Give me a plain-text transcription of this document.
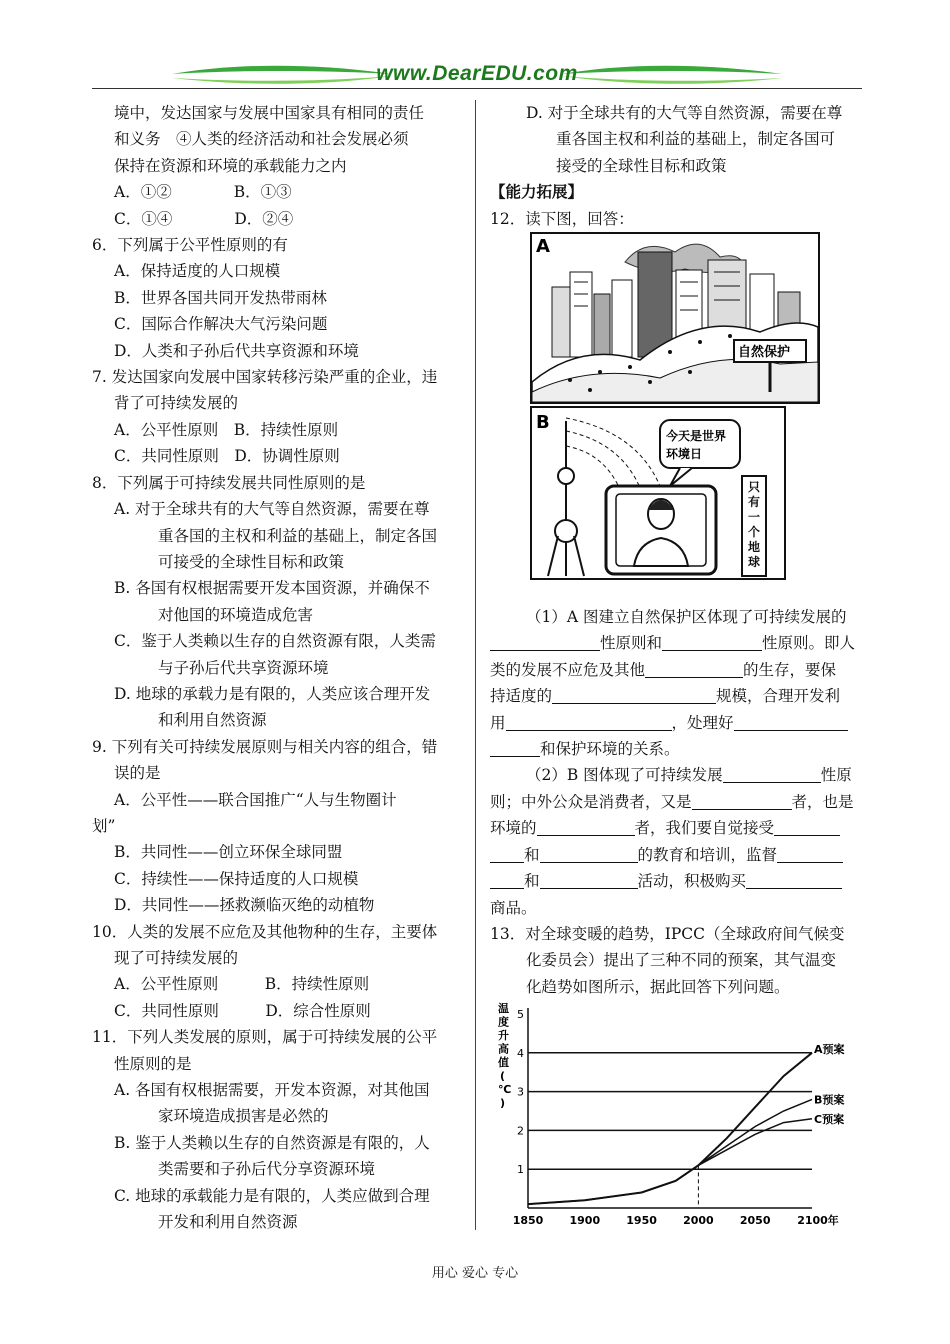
www.DearEDU.com
境中，发达国家与发展中国家具有相同的责任
和义务　④人类的经济活动和社会发展必须
保持在资源和环境的承载能力之内
A．①②　　　　B．①③
C．①④　　　　D．②④
6．下列属于公平性原则的有
A．保持适度的人口规模
B．世界各国共同开发热带雨林
C．国际合作解决大气污染问题
D．人类和子孙后代共享资源和环境
7. 发达国家向发展中国家转移污染严重的企业，违
背了可持续发展的
A．公平性原则　B．持续性原则
C．共同性原则　D．协调性原则
8．下列属于可持续发展共同性原则的是
A. 对于全球共有的大气等自然资源，需要在尊
重各国的主权和利益的基础上，制定各国
可接受的全球性目标和政策
B. 各国有权根据需要开发本国资源，并确保不
对他国的环境造成危害
C．鉴于人类赖以生存的自然资源有限，人类需
与子孙后代共享资源环境
D. 地球的承载力是有限的，人类应该合理开发
和利用自然资源
9. 下列有关可持续发展原则与相关内容的组合，错
误的是
A．公平性——联合国推广“人与生物圈计
划”
B．共同性——创立环保全球同盟
C．持续性——保持适度的人口规模
D．共同性——拯救濒临灭绝的动植物
10．人类的发展不应危及其他物种的生存，主要体
现了可持续发展的
A．公平性原则　　　B．持续性原则
C．共同性原则　　　D．综合性原则
11．下列人类发展的原则，属于可持续发展的公平
性原则的是
A. 各国有权根据需要，开发本资源，对其他国
家环境造成损害是必然的
B. 鉴于人类赖以生存的自然资源是有限的，人
类需要和子孙后代分享资源环境
C. 地球的承载能力是有限的，人类应做到合理
开发和利用自然资源
D. 对于全球共有的大气等自然资源，需要在尊
重各国主权和利益的基础上，制定各国可
接受的全球性目标和政策
【能力拓展】
12．读下图，回答：
A
自然保护
今天是世界
环境日
B
只
有
一
个
地
球
（1）A 图建立自然保护区体现了可持续发展的
性原则和	性原则。即人
类的发展不应危及其他	的生存，要保
持适度的	规模，合理开发利
用	，处理好
和保护环境的关系。
（2）B 图体现了可持续发展	性原
则；中外公众是消费者，又是	者，也是
环境的	者，我们要自觉接受
和	的教育和培训，监督
和	活动，积极购买
商品。
13．对全球变暖的趋势，IPCC（全球政府间气候变
化委员会）提出了三种不同的预案，其气温变
化趋势如图所示，据此回答下列问题。
1
2
3
4
5
1850 1900 1950 2000 2050 2100年
温
度
升
高
值
(
℃
)
A预案
B预案
C预案
用心 爱心 专心
